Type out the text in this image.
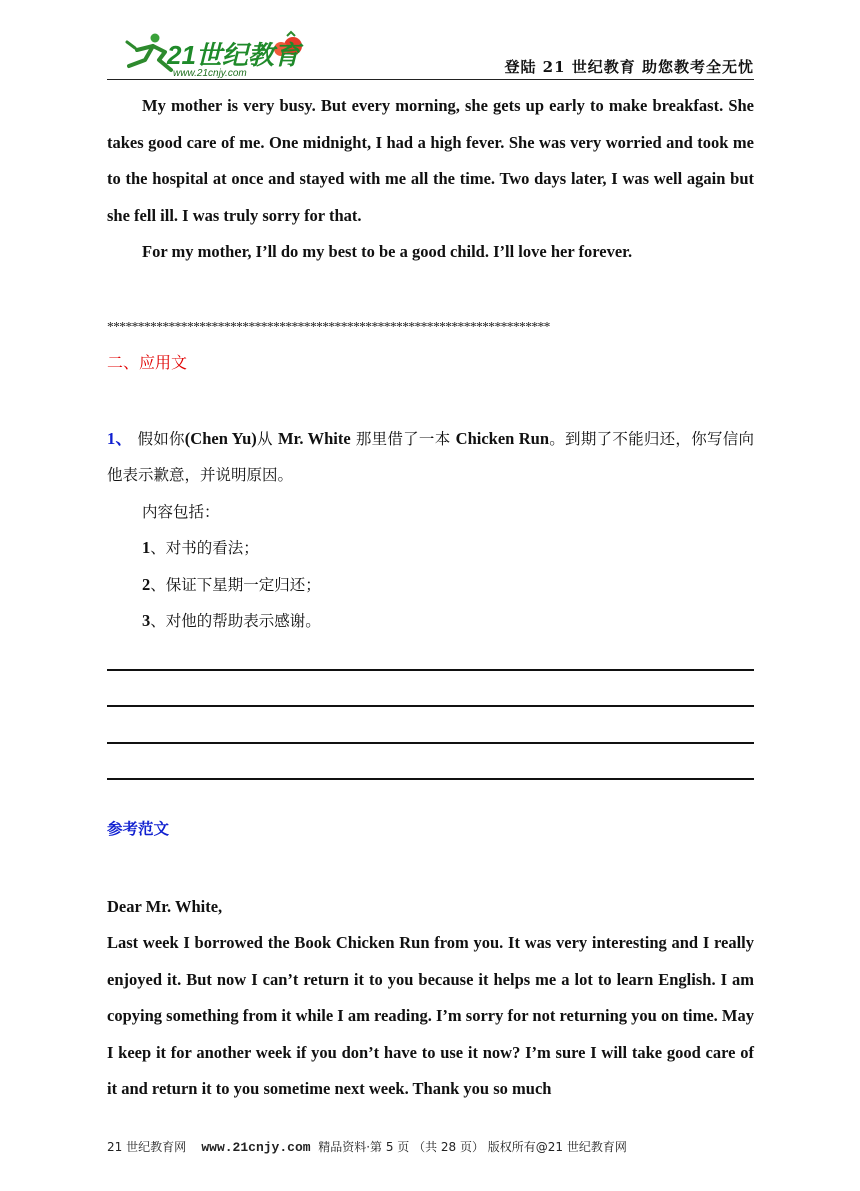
21世纪教育
www.21cnjy.com	登陆 21 世纪教育 助您教考全无忧

My mother is very busy. But every morning, she gets up early to make breakfast. She takes good care of me. One midnight, I had a high fever. She was very worried and took me to the hospital at once and stayed with me all the time. Two days later, I was well again but she fell ill. I was truly sorry for that.

For my mother, I’ll do my best to be a good child. I’ll love her forever.

************************************************************************

二、应用文

1、 假如你(Chen Yu)从 Mr. White 那里借了一本 Chicken Run。到期了不能归还，你写信向他表示歉意，并说明原因。

内容包括：

1、对书的看法；

2、保证下星期一定归还；

3、对他的帮助表示感谢。

参考范文

Dear Mr. White,

Last week I borrowed the Book Chicken Run from you. It was very interesting and I really enjoyed it. But now I can’t return it to you because it helps me a lot to learn English. I am copying something from it while I am reading. I’m sorry for not returning you on time. May I keep it for another week if you don’t have to use it now? I’m sure I will take good care of it and return it to you sometime next week. Thank you so much

21 世纪教育网    www.21cnjy.com  精品资料·第 5 页 （共 28 页） 版权所有@21 世纪教育网
